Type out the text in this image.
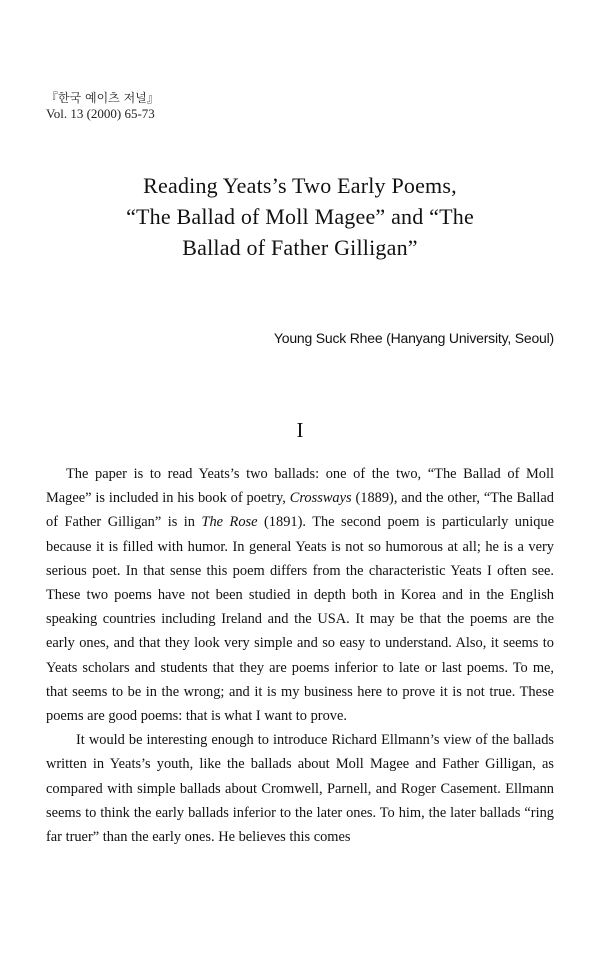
『한국 예이츠 저널』
Vol. 13 (2000) 65-73
Reading Yeats’s Two Early Poems,
“The Ballad of Moll Magee” and “The
Ballad of Father Gilligan”
Young Suck Rhee (Hanyang University, Seoul)
I

The paper is to read Yeats’s two ballads: one of the two, “The Ballad of Moll Magee” is included in his book of poetry, Crossways (1889), and the other, “The Ballad of Father Gilligan” is in The Rose (1891). The second poem is particularly unique because it is filled with humor. In general Yeats is not so humorous at all; he is a very serious poet. In that sense this poem differs from the characteristic Yeats I often see. These two poems have not been studied in depth both in Korea and in the English speaking countries including Ireland and the USA. It may be that the poems are the early ones, and that they look very simple and so easy to understand. Also, it seems to Yeats scholars and students that they are poems inferior to late or last poems. To me, that seems to be in the wrong; and it is my business here to prove it is not true. These poems are good poems: that is what I want to prove.

It would be interesting enough to introduce Richard Ellmann’s view of the ballads written in Yeats’s youth, like the ballads about Moll Magee and Father Gilligan, as compared with simple ballads about Cromwell, Parnell, and Roger Casement. Ellmann seems to think the early ballads inferior to the later ones. To him, the later ballads “ring far truer” than the early ones. He believes this comes
